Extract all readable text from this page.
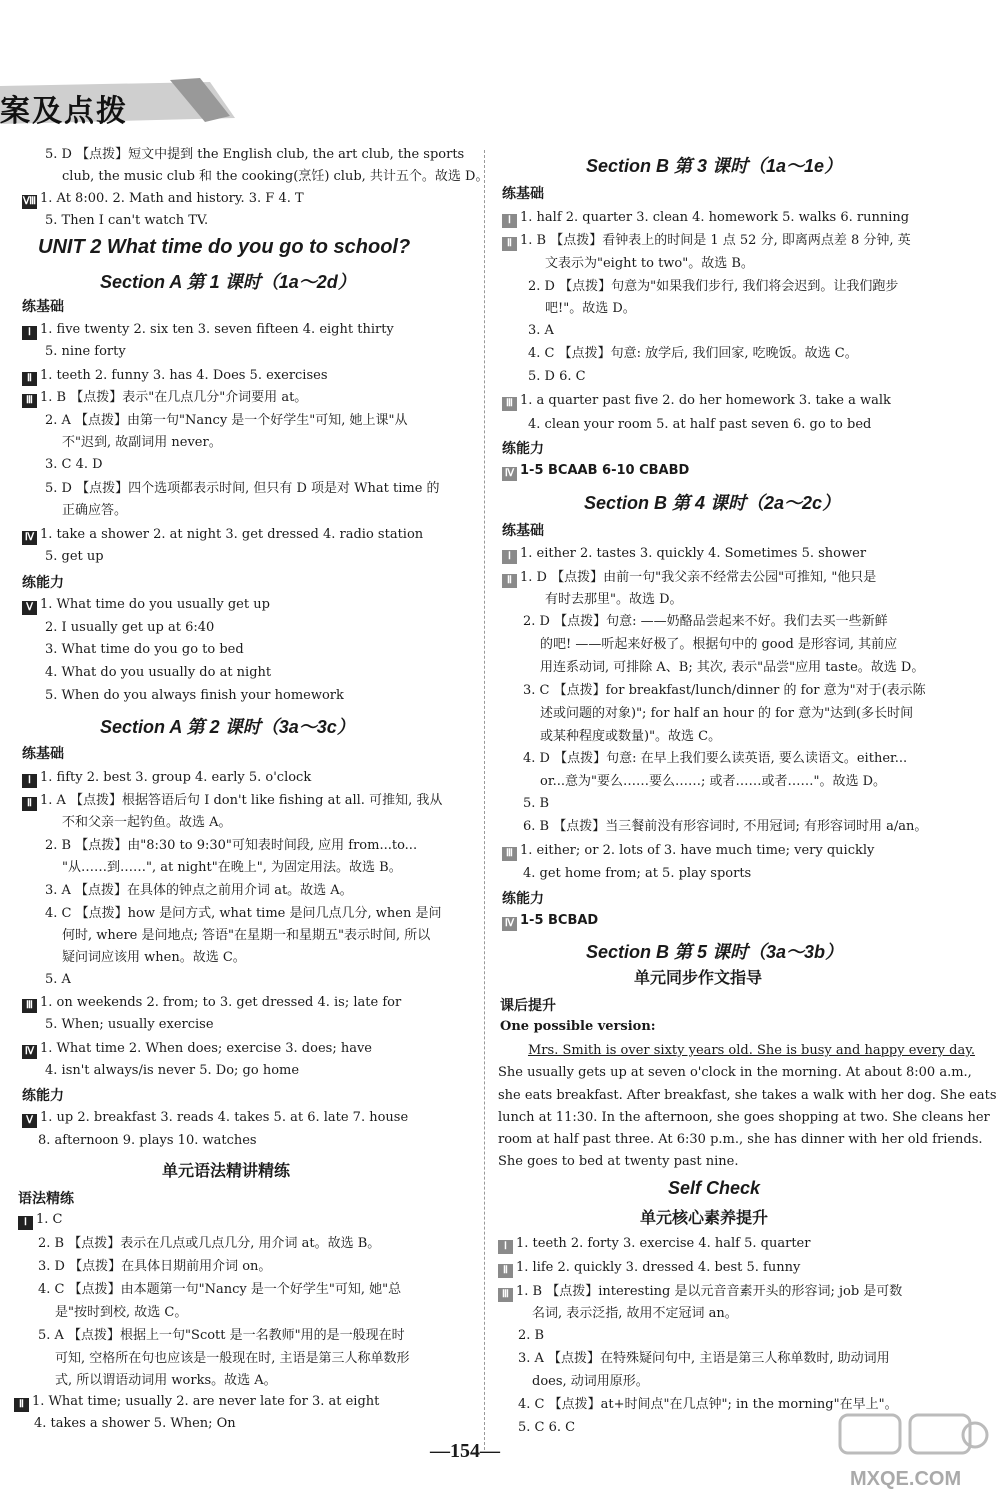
案及点拨
5. D 【点拨】短文中提到 the English club, the art club, the sports
club, the music club 和 the cooking(烹饪) club, 共计五个。故选 D。
Ⅷ 1. At 8:00. 2. Math and history. 3. F 4. T
5. Then I can't watch TV.
UNIT 2 What time do you go to school?
Section A 第 1 课时（1a～2d）
练基础
Ⅰ 1. five twenty 2. six ten 3. seven fifteen 4. eight thirty
5. nine forty
Ⅱ 1. teeth 2. funny 3. has 4. Does 5. exercises
Ⅲ 1. B 【点拨】表示"在几点几分"介词要用 at。
2. A 【点拨】由第一句"Nancy 是一个好学生"可知, 她上课"从
不"迟到, 故副词用 never。
3. C 4. D
5. D 【点拨】四个选项都表示时间, 但只有 D 项是对 What time 的
正确应答。
Ⅳ 1. take a shower 2. at night 3. get dressed 4. radio station
5. get up
练能力
Ⅴ 1. What time do you usually get up
2. I usually get up at 6:40
3. What time do you go to bed
4. What do you usually do at night
5. When do you always finish your homework
Section A 第 2 课时（3a～3c）
练基础
Ⅰ 1. fifty 2. best 3. group 4. early 5. o'clock
Ⅱ 1. A 【点拨】根据答语后句 I don't like fishing at all. 可推知, 我从
不和父亲一起钓鱼。故选 A。
2. B 【点拨】由"8:30 to 9:30"可知表时间段, 应用 from...to...
"从……到……", at night"在晚上", 为固定用法。故选 B。
3. A 【点拨】在具体的钟点之前用介词 at。故选 A。
4. C 【点拨】how 是问方式, what time 是问几点几分, when 是问
何时, where 是问地点; 答语"在星期一和星期五"表示时间, 所以
疑问词应该用 when。故选 C。
5. A
Ⅲ 1. on weekends 2. from; to 3. get dressed 4. is; late for
5. When; usually exercise
Ⅳ 1. What time 2. When does; exercise 3. does; have
4. isn't always/is never 5. Do; go home
练能力
Ⅴ 1. up 2. breakfast 3. reads 4. takes 5. at 6. late 7. house
8. afternoon 9. plays 10. watches
单元语法精讲精练
语法精练
Ⅰ 1. C
2. B 【点拨】表示在几点或几点几分, 用介词 at。故选 B。
3. D 【点拨】在具体日期前用介词 on。
4. C 【点拨】由本题第一句"Nancy 是一个好学生"可知, 她"总
是"按时到校, 故选 C。
5. A 【点拨】根据上一句"Scott 是一名教师"用的是一般现在时
可知, 空格所在句也应该是一般现在时, 主语是第三人称单数形
式, 所以谓语动词用 works。故选 A。
Ⅱ 1. What time; usually 2. are never late for 3. at eight
4. takes a shower 5. When; On
Section B 第 3 课时（1a～1e）
练基础
Ⅰ 1. half 2. quarter 3. clean 4. homework 5. walks 6. running
Ⅱ 1. B 【点拨】看钟表上的时间是 1 点 52 分, 即离两点差 8 分钟, 英
文表示为"eight to two"。故选 B。
2. D 【点拨】句意为"如果我们步行, 我们将会迟到。让我们跑步
吧!"。故选 D。
3. A
4. C 【点拨】句意: 放学后, 我们回家, 吃晚饭。故选 C。
5. D 6. C
Ⅲ 1. a quarter past five 2. do her homework 3. take a walk
4. clean your room 5. at half past seven 6. go to bed
练能力
Ⅳ 1-5 BCAAB 6-10 CBABD
Section B 第 4 课时（2a～2c）
练基础
Ⅰ 1. either 2. tastes 3. quickly 4. Sometimes 5. shower
Ⅱ 1. D 【点拨】由前一句"我父亲不经常去公园"可推知, "他只是
有时去那里"。故选 D。
2. D 【点拨】句意: ——奶酪品尝起来不好。我们去买一些新鲜
的吧! ——听起来好极了。根据句中的 good 是形容词, 其前应
用连系动词, 可排除 A、B; 其次, 表示"品尝"应用 taste。故选 D。
3. C 【点拨】for breakfast/lunch/dinner 的 for 意为"对于(表示陈
述或问题的对象)"; for half an hour 的 for 意为"达到(多长时间
或某种程度或数量)"。故选 C。
4. D 【点拨】句意: 在早上我们要么读英语, 要么读语文。either...
or...意为"要么……要么……; 或者……或者……"。故选 D。
5. B
6. B 【点拨】当三餐前没有形容词时, 不用冠词; 有形容词时用 a/an。
Ⅲ 1. either; or 2. lots of 3. have much time; very quickly
4. get home from; at 5. play sports
练能力
Ⅳ 1-5 BCBAD
Section B 第 5 课时（3a～3b）
单元同步作文指导
课后提升
One possible version:
Mrs. Smith is over sixty years old. She is busy and happy every day.
She usually gets up at seven o'clock in the morning. At about 8:00 a.m.,
she eats breakfast. After breakfast, she takes a walk with her dog. She eats
lunch at 11:30. In the afternoon, she goes shopping at two. She cleans her
room at half past three. At 6:30 p.m., she has dinner with her old friends.
She goes to bed at twenty past nine.
Self Check
单元核心素养提升
Ⅰ 1. teeth 2. forty 3. exercise 4. half 5. quarter
Ⅱ 1. life 2. quickly 3. dressed 4. best 5. funny
Ⅲ 1. B 【点拨】interesting 是以元音音素开头的形容词; job 是可数
名词, 表示泛指, 故用不定冠词 an。
2. B
3. A 【点拨】在特殊疑问句中, 主语是第三人称单数时, 助动词用
does, 动词用原形。
4. C 【点拨】at+时间点"在几点钟"; in the morning"在早上"。
5. C 6. C
—154—
MXQE.COM
